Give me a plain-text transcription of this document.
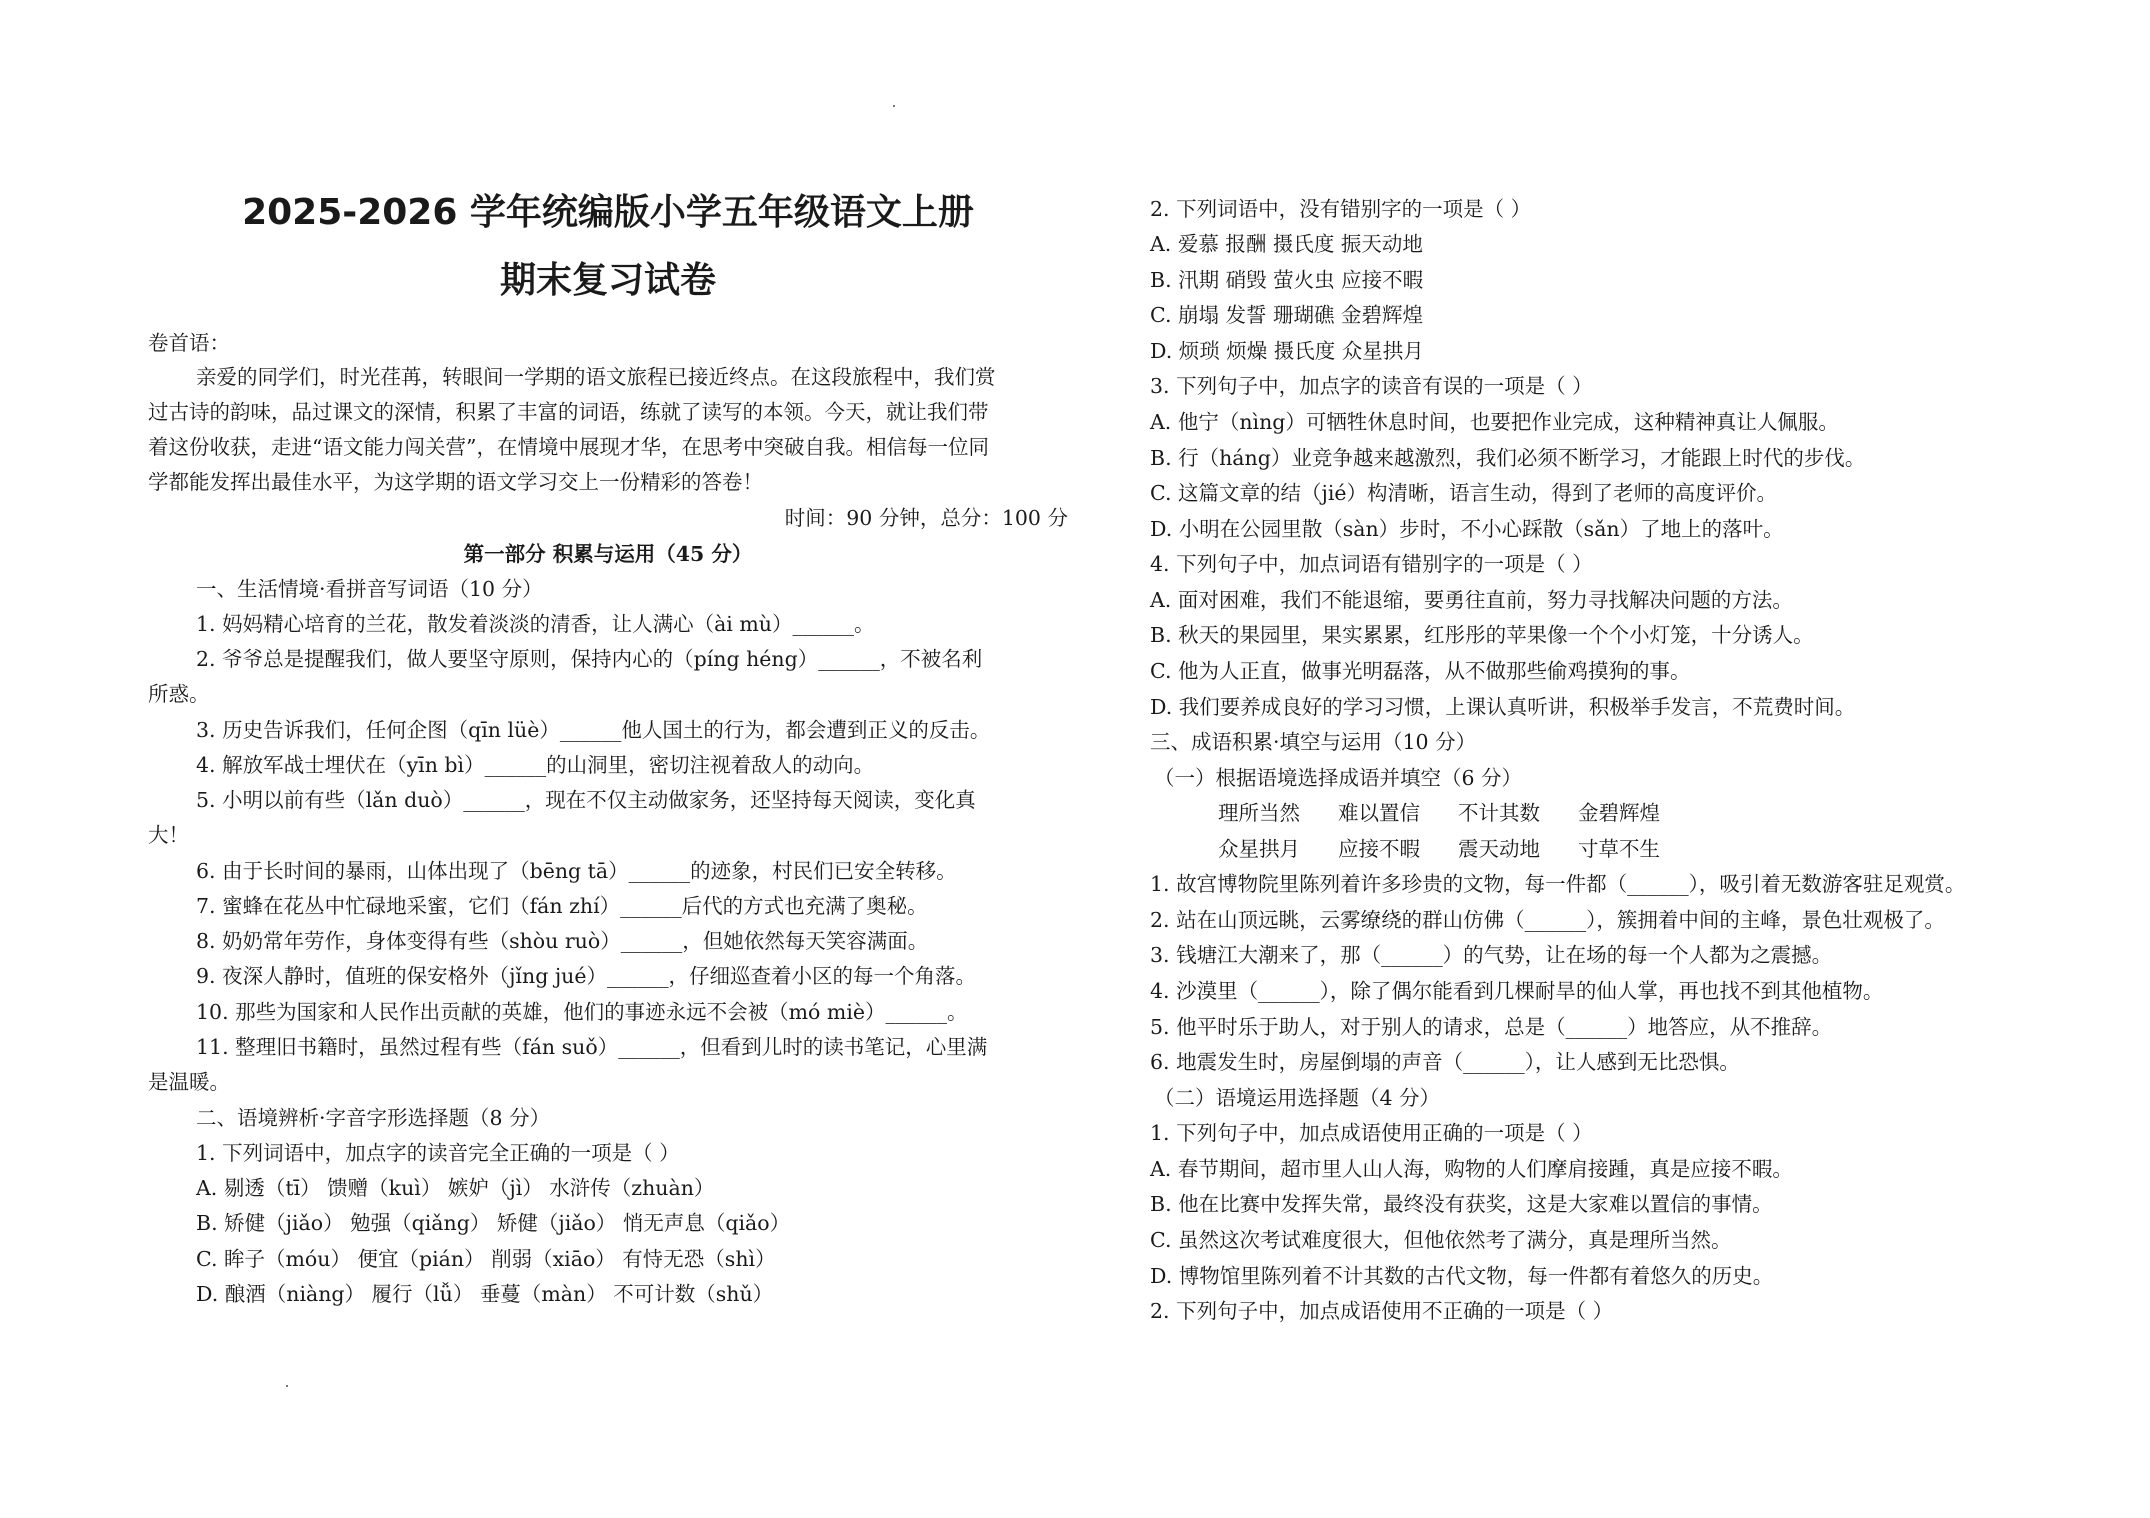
2025-2026 学年统编版小学五年级语文上册
期末复习试卷
卷首语：
亲爱的同学们，时光荏苒，转眼间一学期的语文旅程已接近终点。在这段旅程中，我们赏
过古诗的韵味，品过课文的深情，积累了丰富的词语，练就了读写的本领。今天，就让我们带
着这份收获，走进“语文能力闯关营”，在情境中展现才华，在思考中突破自我。相信每一位同
学都能发挥出最佳水平，为这学期的语文学习交上一份精彩的答卷！
时间：90 分钟，总分：100 分
第一部分 积累与运用（45 分）
一、生活情境·看拼音写词语（10 分）
1. 妈妈精心培育的兰花，散发着淡淡的清香，让人满心（ài mù）______。
2. 爷爷总是提醒我们，做人要坚守原则，保持内心的（píng héng）______，不被名利
所惑。
3. 历史告诉我们，任何企图（qīn lüè）______他人国土的行为，都会遭到正义的反击。
4. 解放军战士埋伏在（yīn bì）______的山洞里，密切注视着敌人的动向。
5. 小明以前有些（lǎn duò）______，现在不仅主动做家务，还坚持每天阅读，变化真
大！
6. 由于长时间的暴雨，山体出现了（bēng tā）______的迹象，村民们已安全转移。
7. 蜜蜂在花丛中忙碌地采蜜，它们（fán zhí）______后代的方式也充满了奥秘。
8. 奶奶常年劳作，身体变得有些（shòu ruò）______，但她依然每天笑容满面。
9. 夜深人静时，值班的保安格外（jǐng jué）______，仔细巡查着小区的每一个角落。
10. 那些为国家和人民作出贡献的英雄，他们的事迹永远不会被（mó miè）______。
11. 整理旧书籍时，虽然过程有些（fán suǒ）______，但看到儿时的读书笔记，心里满
是温暖。
二、语境辨析·字音字形选择题（8 分）
1. 下列词语中，加点字的读音完全正确的一项是（ ）
A. 剔透（tī） 馈赠（kuì） 嫉妒（jì） 水浒传（zhuàn）
B. 矫健（jiǎo） 勉强（qiǎng） 矫健（jiǎo） 悄无声息（qiǎo）
C. 眸子（móu） 便宜（pián） 削弱（xiāo） 有恃无恐（shì）
D. 酿酒（niàng） 履行（lǚ） 垂蔓（màn） 不可计数（shǔ）
2. 下列词语中，没有错别字的一项是（ ）
A. 爱慕 报酬 摄氏度 振天动地
B. 汛期 硝毁 萤火虫 应接不暇
C. 崩塌 发誓 珊瑚礁 金碧辉煌
D. 烦琐 烦燥 摄氏度 众星拱月
3. 下列句子中，加点字的读音有误的一项是（ ）
A. 他宁（nìng）可牺牲休息时间，也要把作业完成，这种精神真让人佩服。
B. 行（háng）业竞争越来越激烈，我们必须不断学习，才能跟上时代的步伐。
C. 这篇文章的结（jié）构清晰，语言生动，得到了老师的高度评价。
D. 小明在公园里散（sàn）步时，不小心踩散（sǎn）了地上的落叶。
4. 下列句子中，加点词语有错别字的一项是（ ）
A. 面对困难，我们不能退缩，要勇往直前，努力寻找解决问题的方法。
B. 秋天的果园里，果实累累，红彤彤的苹果像一个个小灯笼，十分诱人。
C. 他为人正直，做事光明磊落，从不做那些偷鸡摸狗的事。
D. 我们要养成良好的学习习惯，上课认真听讲，积极举手发言，不荒费时间。
三、成语积累·填空与运用（10 分）
（一）根据语境选择成语并填空（6 分）
理所当然 难以置信 不计其数 金碧辉煌
众星拱月 应接不暇 震天动地 寸草不生
1. 故宫博物院里陈列着许多珍贵的文物，每一件都（______），吸引着无数游客驻足观赏。
2. 站在山顶远眺，云雾缭绕的群山仿佛（______），簇拥着中间的主峰，景色壮观极了。
3. 钱塘江大潮来了，那（______）的气势，让在场的每一个人都为之震撼。
4. 沙漠里（______），除了偶尔能看到几棵耐旱的仙人掌，再也找不到其他植物。
5. 他平时乐于助人，对于别人的请求，总是（______）地答应，从不推辞。
6. 地震发生时，房屋倒塌的声音（______），让人感到无比恐惧。
（二）语境运用选择题（4 分）
1. 下列句子中，加点成语使用正确的一项是（ ）
A. 春节期间，超市里人山人海，购物的人们摩肩接踵，真是应接不暇。
B. 他在比赛中发挥失常，最终没有获奖，这是大家难以置信的事情。
C. 虽然这次考试难度很大，但他依然考了满分，真是理所当然。
D. 博物馆里陈列着不计其数的古代文物，每一件都有着悠久的历史。
2. 下列句子中，加点成语使用不正确的一项是（ ）
